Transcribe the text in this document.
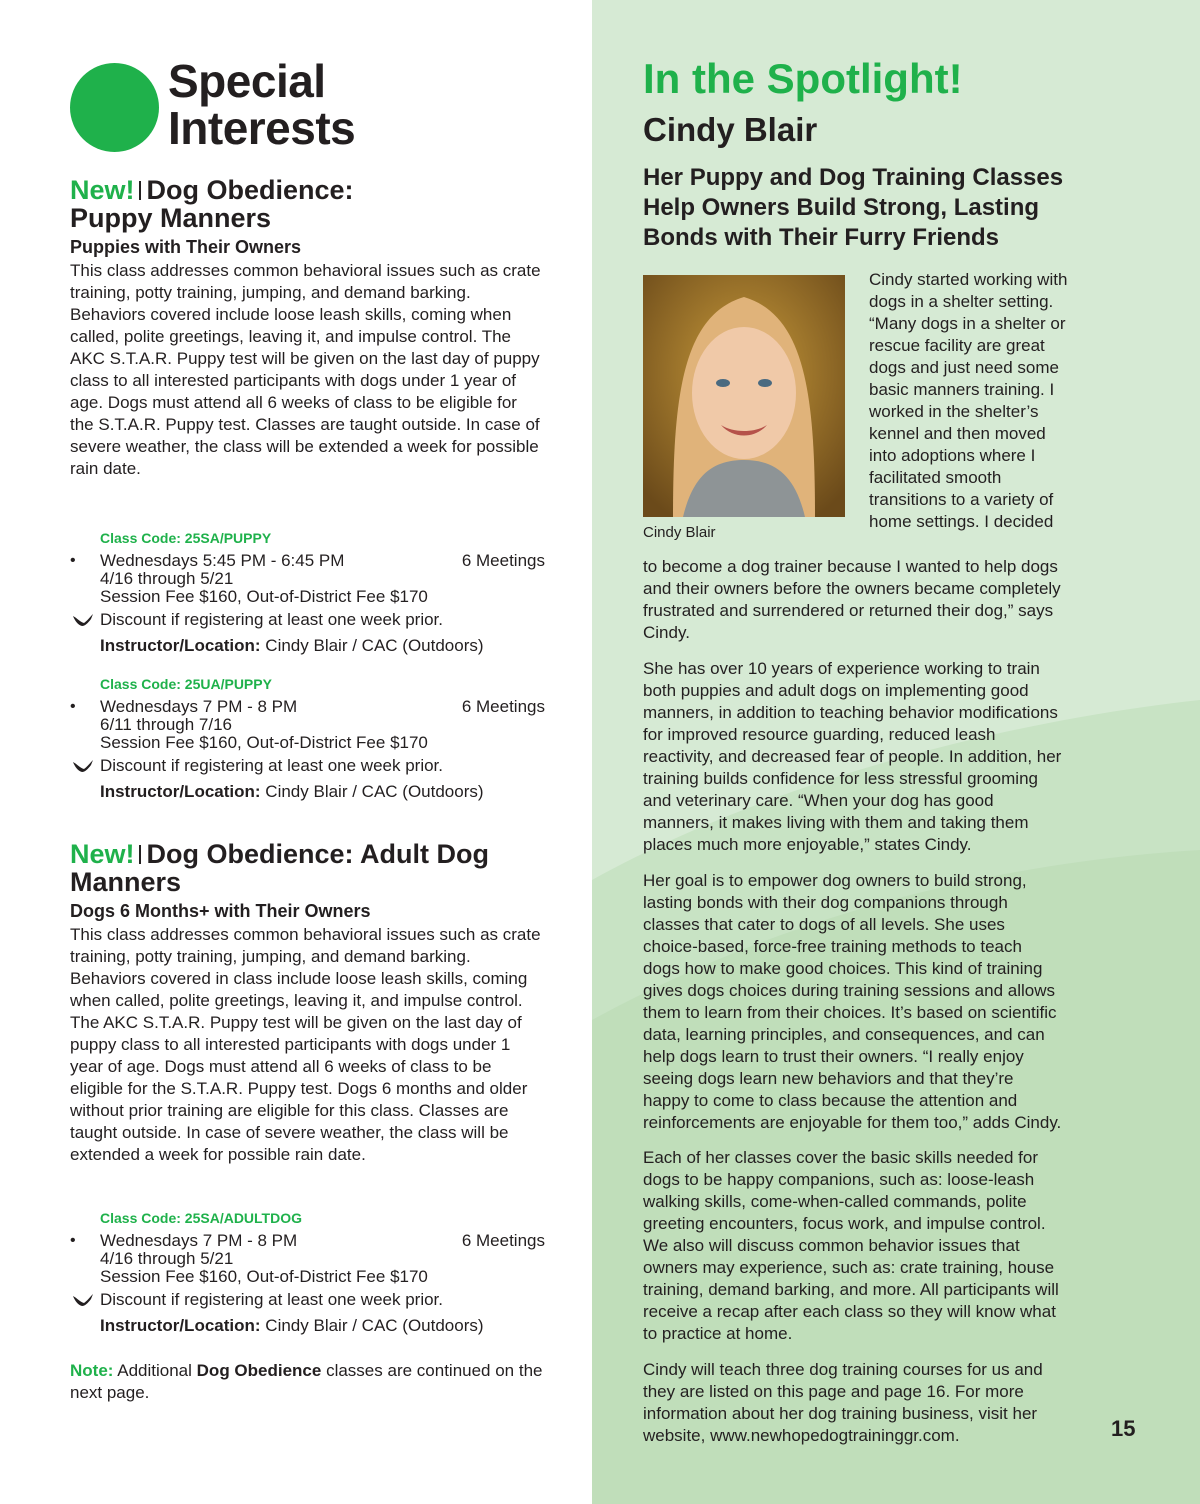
Special
Interests
New! Dog Obedience:
Puppy Manners
Puppies with Their Owners
This class addresses common behavioral issues such as crate training, potty training, jumping, and demand barking. Behaviors covered include loose leash skills, coming when called, polite greetings, leaving it, and impulse control. The AKC S.T.A.R. Puppy test will be given on the last day of puppy class to all interested participants with dogs under 1 year of age. Dogs must attend all 6 weeks of class to be eligible for the S.T.A.R. Puppy test. Classes are taught outside. In case of severe weather, the class will be extended a week for possible rain date.
Class Code: 25SA/PUPPY
• Wednesdays 5:45 PM - 6:45 PM	6 Meetings
4/16 through 5/21
Session Fee $160, Out-of-District Fee $170
Discount if registering at least one week prior.
Instructor/Location: Cindy Blair / CAC (Outdoors)
Class Code: 25UA/PUPPY
• Wednesdays 7 PM - 8 PM	6 Meetings
6/11 through 7/16
Session Fee $160, Out-of-District Fee $170
Discount if registering at least one week prior.
Instructor/Location: Cindy Blair / CAC (Outdoors)
New! Dog Obedience: Adult Dog
Manners
Dogs 6 Months+ with Their Owners
This class addresses common behavioral issues such as crate training, potty training, jumping, and demand barking. Behaviors covered in class include loose leash skills, coming when called, polite greetings, leaving it, and impulse control. The AKC S.T.A.R. Puppy test will be given on the last day of puppy class to all interested participants with dogs under 1 year of age. Dogs must attend all 6 weeks of class to be eligible for the S.T.A.R. Puppy test. Dogs 6 months and older without prior training are eligible for this class. Classes are taught outside. In case of severe weather, the class will be extended a week for possible rain date.
Class Code: 25SA/ADULTDOG
• Wednesdays 7 PM - 8 PM	6 Meetings
4/16 through 5/21
Session Fee $160, Out-of-District Fee $170
Discount if registering at least one week prior.
Instructor/Location: Cindy Blair / CAC (Outdoors)
Note: Additional Dog Obedience classes are continued on the next page.
In the Spotlight!
Cindy Blair
Her Puppy and Dog Training Classes Help Owners Build Strong, Lasting Bonds with Their Furry Friends
Cindy Blair
Cindy started working with dogs in a shelter setting. “Many dogs in a shelter or rescue facility are great dogs and just need some basic manners training. I worked in the shelter’s kennel and then moved into adoptions where I facilitated smooth transitions to a variety of home settings. I decided
to become a dog trainer because I wanted to help dogs and their owners before the owners became completely frustrated and surrendered or returned their dog,” says Cindy.
She has over 10 years of experience working to train both puppies and adult dogs on implementing good manners, in addition to teaching behavior modifications for improved resource guarding, reduced leash reactivity, and decreased fear of people. In addition, her training builds confidence for less stressful grooming and veterinary care. “When your dog has good manners, it makes living with them and taking them places much more enjoyable,” states Cindy.
Her goal is to empower dog owners to build strong, lasting bonds with their dog companions through classes that cater to dogs of all levels. She uses choice-based, force-free training methods to teach dogs how to make good choices. This kind of training gives dogs choices during training sessions and allows them to learn from their choices. It’s based on scientific data, learning principles, and consequences, and can help dogs learn to trust their owners. “I really enjoy seeing dogs learn new behaviors and that they’re happy to come to class because the attention and reinforcements are enjoyable for them too,” adds Cindy.
Each of her classes cover the basic skills needed for dogs to be happy companions, such as: loose-leash walking skills, come-when-called commands, polite greeting encounters, focus work, and impulse control. We also will discuss common behavior issues that owners may experience, such as: crate training, house training, demand barking, and more. All participants will receive a recap after each class so they will know what to practice at home.
Cindy will teach three dog training courses for us and they are listed on this page and page 16. For more information about her dog training business, visit her website, www.newhopedogtraininggr.com.	15
